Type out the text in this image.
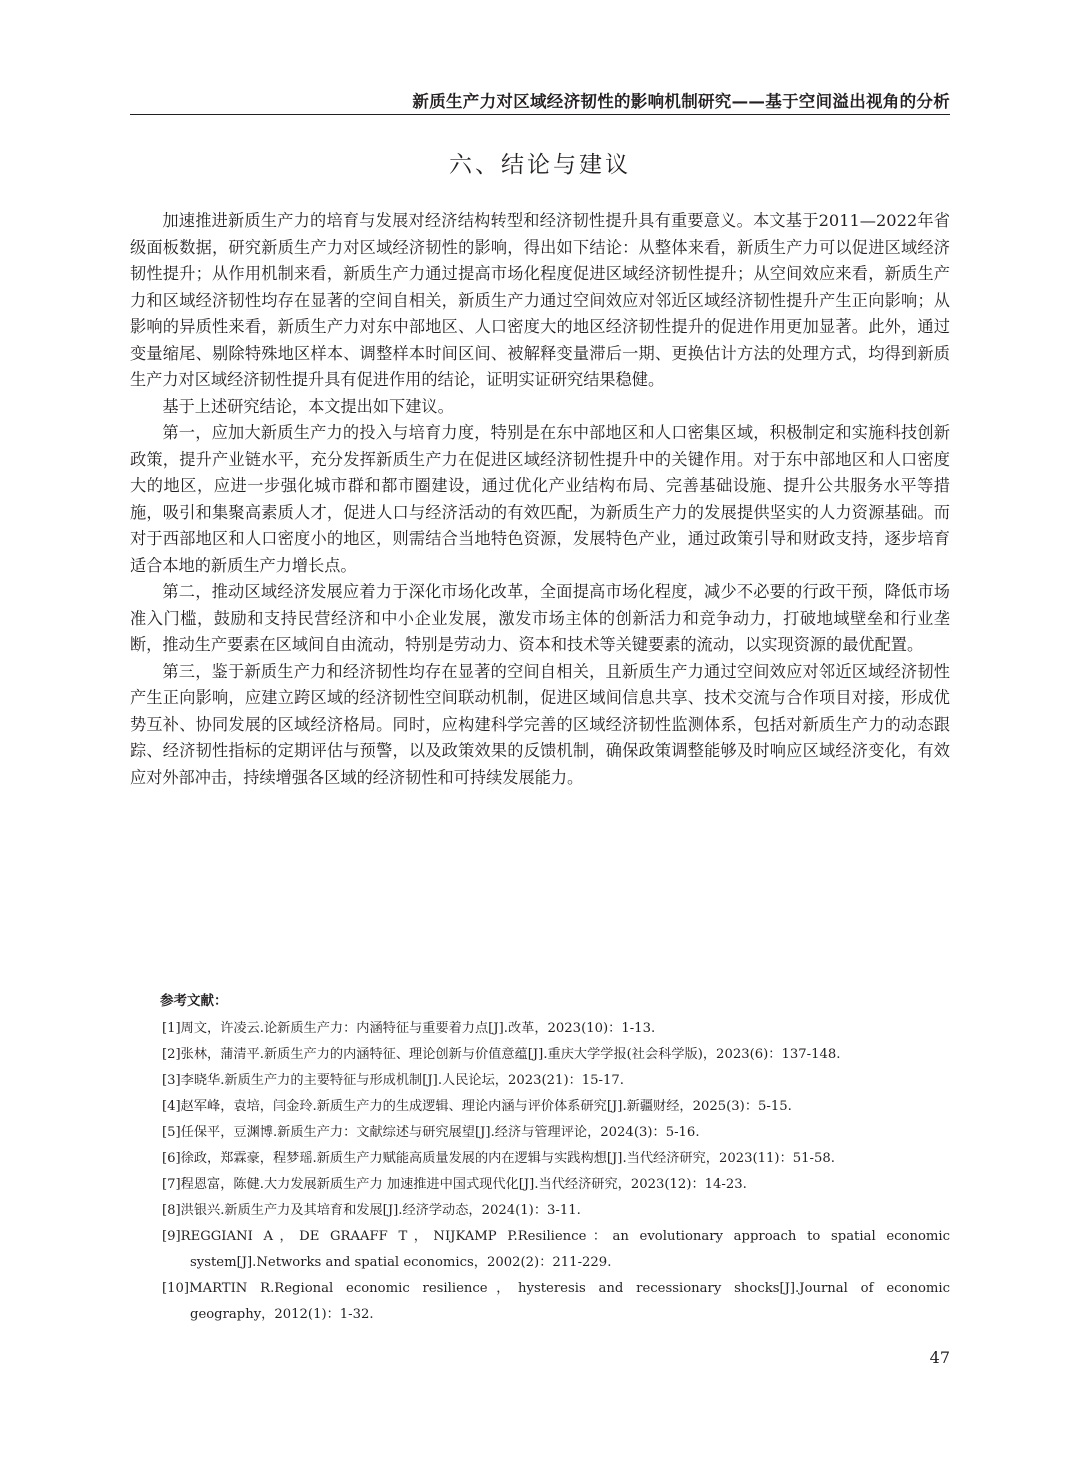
新质生产力对区域经济韧性的影响机制研究——基于空间溢出视角的分析
六、结论与建议

加速推进新质生产力的培育与发展对经济结构转型和经济韧性提升具有重要意义。本文基于2011—2022年省级面板数据，研究新质生产力对区域经济韧性的影响，得出如下结论：从整体来看，新质生产力可以促进区域经济韧性提升；从作用机制来看，新质生产力通过提高市场化程度促进区域经济韧性提升；从空间效应来看，新质生产力和区域经济韧性均存在显著的空间自相关，新质生产力通过空间效应对邻近区域经济韧性提升产生正向影响；从影响的异质性来看，新质生产力对东中部地区、人口密度大的地区经济韧性提升的促进作用更加显著。此外，通过变量缩尾、剔除特殊地区样本、调整样本时间区间、被解释变量滞后一期、更换估计方法的处理方式，均得到新质生产力对区域经济韧性提升具有促进作用的结论，证明实证研究结果稳健。

基于上述研究结论，本文提出如下建议。

第一，应加大新质生产力的投入与培育力度，特别是在东中部地区和人口密集区域，积极制定和实施科技创新政策，提升产业链水平，充分发挥新质生产力在促进区域经济韧性提升中的关键作用。对于东中部地区和人口密度大的地区，应进一步强化城市群和都市圈建设，通过优化产业结构布局、完善基础设施、提升公共服务水平等措施，吸引和集聚高素质人才，促进人口与经济活动的有效匹配，为新质生产力的发展提供坚实的人力资源基础。而对于西部地区和人口密度小的地区，则需结合当地特色资源，发展特色产业，通过政策引导和财政支持，逐步培育适合本地的新质生产力增长点。

第二，推动区域经济发展应着力于深化市场化改革，全面提高市场化程度，减少不必要的行政干预，降低市场准入门槛，鼓励和支持民营经济和中小企业发展，激发市场主体的创新活力和竞争动力，打破地域壁垒和行业垄断，推动生产要素在区域间自由流动，特别是劳动力、资本和技术等关键要素的流动，以实现资源的最优配置。

第三，鉴于新质生产力和经济韧性均存在显著的空间自相关，且新质生产力通过空间效应对邻近区域经济韧性产生正向影响，应建立跨区域的经济韧性空间联动机制，促进区域间信息共享、技术交流与合作项目对接，形成优势互补、协同发展的区域经济格局。同时，应构建科学完善的区域经济韧性监测体系，包括对新质生产力的动态跟踪、经济韧性指标的定期评估与预警，以及政策效果的反馈机制，确保政策调整能够及时响应区域经济变化，有效应对外部冲击，持续增强各区域的经济韧性和可持续发展能力。

参考文献：
[1]周文，许凌云.论新质生产力：内涵特征与重要着力点[J].改革，2023(10)：1-13.
[2]张林，蒲清平.新质生产力的内涵特征、理论创新与价值意蕴[J].重庆大学学报(社会科学版)，2023(6)：137-148.
[3]李晓华.新质生产力的主要特征与形成机制[J].人民论坛，2023(21)：15-17.
[4]赵军峰，袁培，闫金玲.新质生产力的生成逻辑、理论内涵与评价体系研究[J].新疆财经，2025(3)：5-15.
[5]任保平，豆渊博.新质生产力：文献综述与研究展望[J].经济与管理评论，2024(3)：5-16.
[6]徐政，郑霖豪，程梦瑶.新质生产力赋能高质量发展的内在逻辑与实践构想[J].当代经济研究，2023(11)：51-58.
[7]程恩富，陈健.大力发展新质生产力 加速推进中国式现代化[J].当代经济研究，2023(12)：14-23.
[8]洪银兴.新质生产力及其培育和发展[J].经济学动态，2024(1)：3-11.
[9]REGGIANI A，DE GRAAFF T，NIJKAMP P.Resilience：an evolutionary approach to spatial economic system[J].Networks and spatial economics，2002(2)：211-229.
[10]MARTIN R.Regional economic resilience，hysteresis and recessionary shocks[J].Journal of economic geography，2012(1)：1-32.
47
